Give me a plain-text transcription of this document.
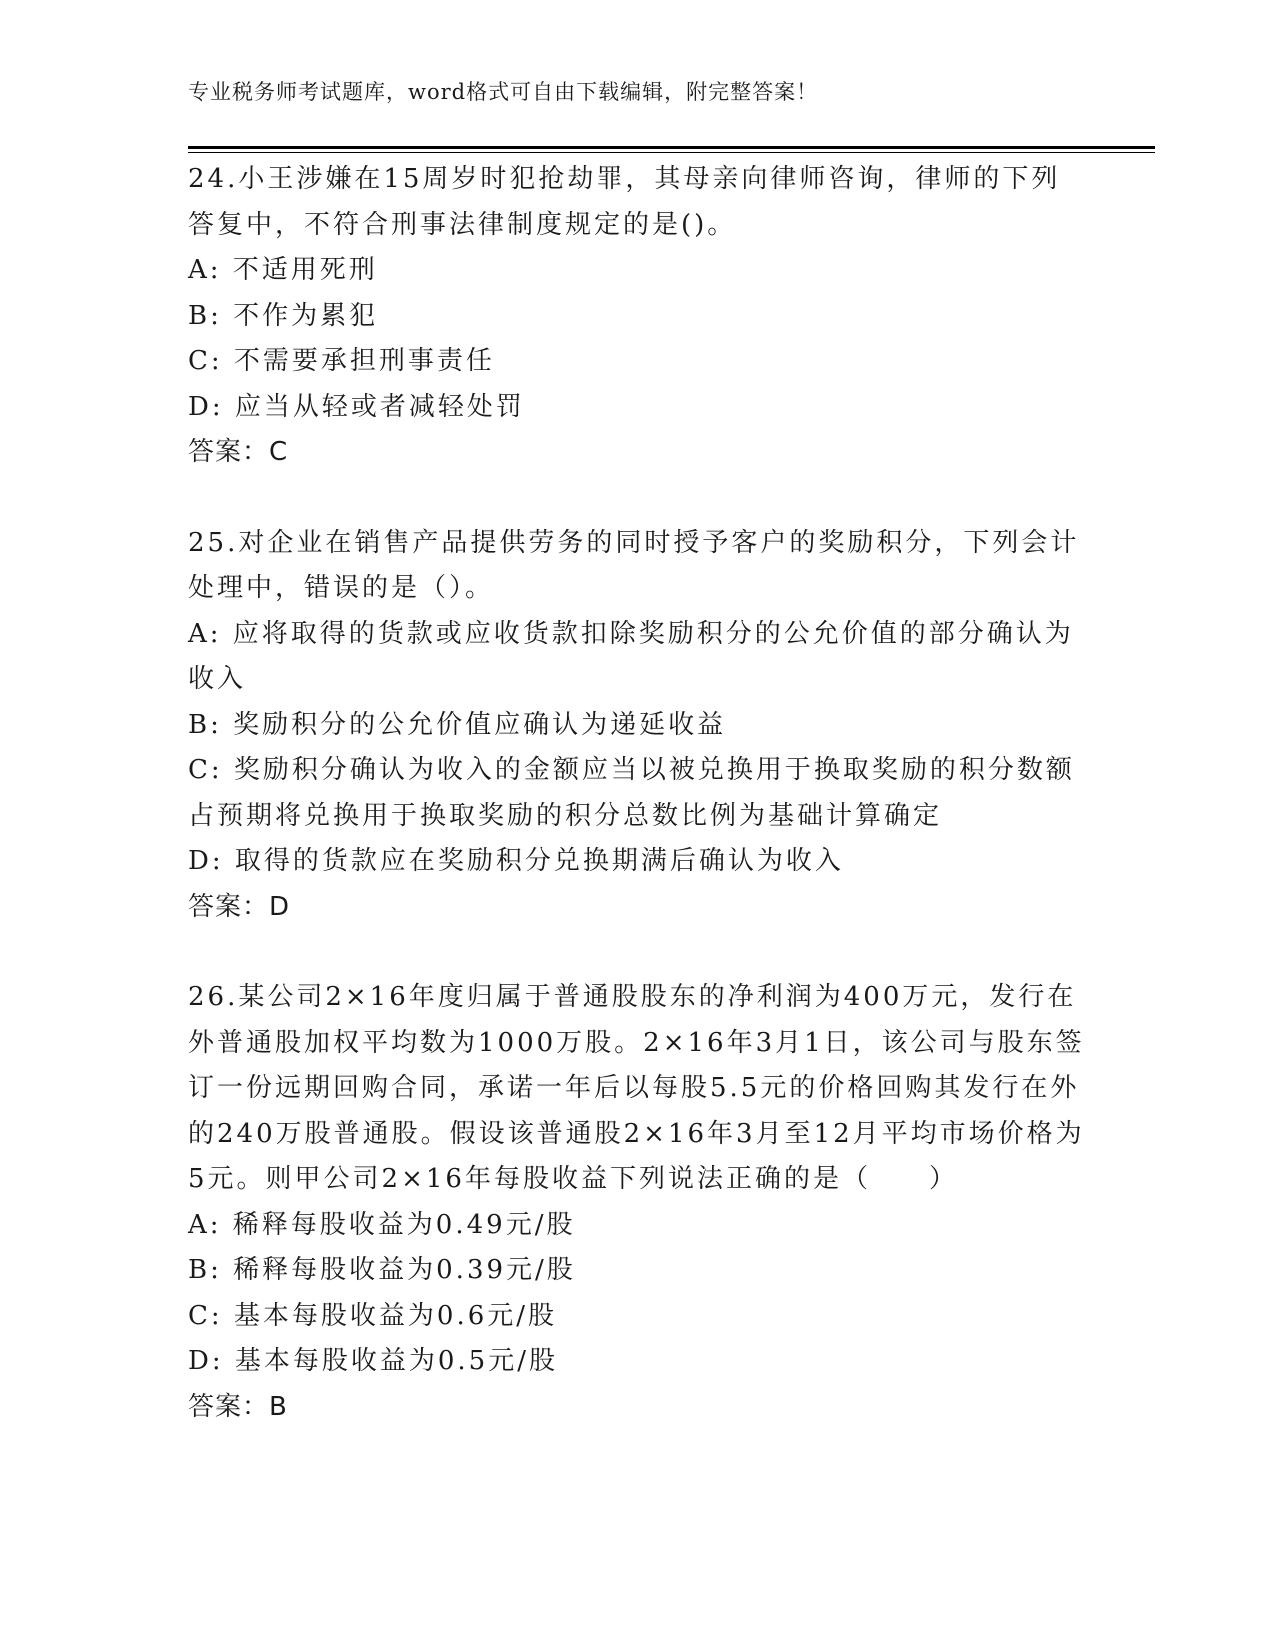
专业税务师考试题库，word格式可自由下载编辑，附完整答案！

24.小王涉嫌在15周岁时犯抢劫罪，其母亲向律师咨询，律师的下列答复中，不符合刑事法律制度规定的是()。

A: 不适用死刑

B: 不作为累犯

C: 不需要承担刑事责任

D: 应当从轻或者减轻处罚

答案：C

25.对企业在销售产品提供劳务的同时授予客户的奖励积分，下列会计处理中，错误的是（）。

A: 应将取得的货款或应收货款扣除奖励积分的公允价值的部分确认为收入

B: 奖励积分的公允价值应确认为递延收益

C: 奖励积分确认为收入的金额应当以被兑换用于换取奖励的积分数额占预期将兑换用于换取奖励的积分总数比例为基础计算确定

D: 取得的货款应在奖励积分兑换期满后确认为收入

答案：D

26.某公司2×16年度归属于普通股股东的净利润为400万元，发行在外普通股加权平均数为1000万股。2×16年3月1日，该公司与股东签订一份远期回购合同，承诺一年后以每股5.5元的价格回购其发行在外的240万股普通股。假设该普通股2×16年3月至12月平均市场价格为5元。则甲公司2×16年每股收益下列说法正确的是（　　）

A: 稀释每股收益为0.49元/股

B: 稀释每股收益为0.39元/股

C: 基本每股收益为0.6元/股

D: 基本每股收益为0.5元/股

答案：B
